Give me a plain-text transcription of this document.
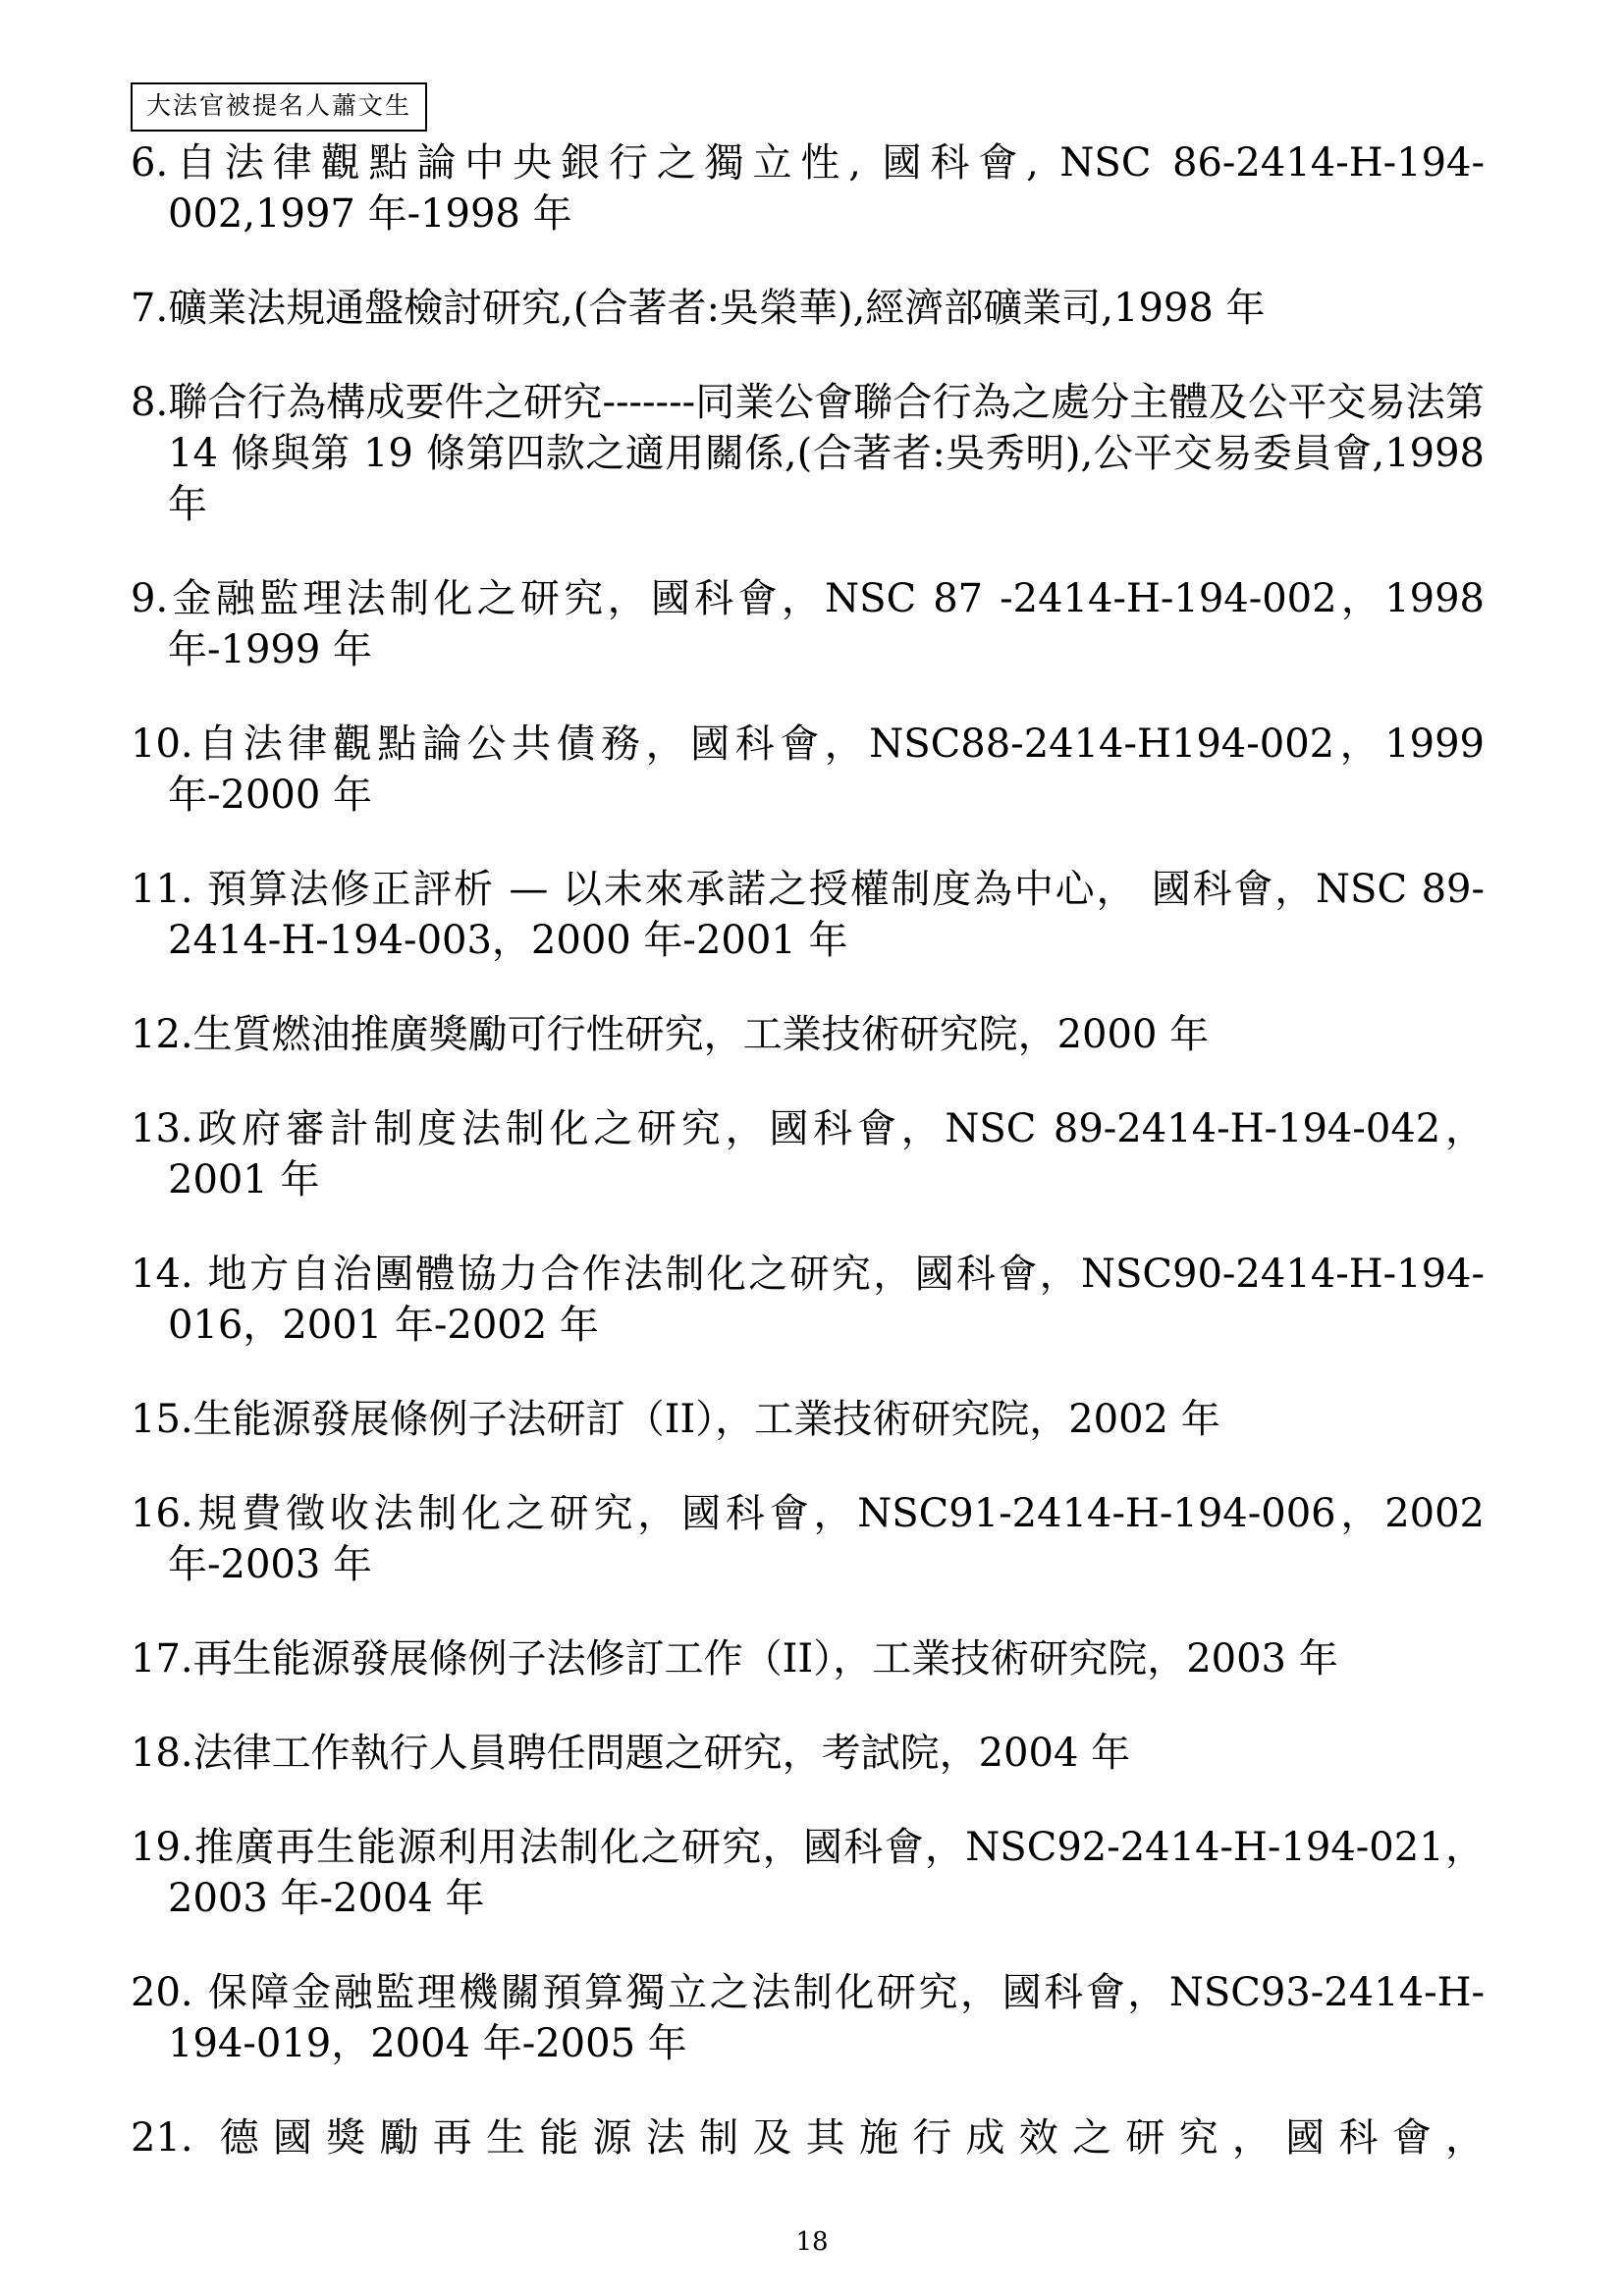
大法官被提名人蕭文生

6.自法律觀點論中央銀行之獨立性, 國科會, NSC 86-2414-H-194-002,1997 年-1998 年

7.礦業法規通盤檢討研究,(合著者:吳榮華),經濟部礦業司,1998 年

8.聯合行為構成要件之研究-------同業公會聯合行為之處分主體及公平交易法第 14 條與第 19 條第四款之適用關係,(合著者:吳秀明),公平交易委員會,1998 年

9.金融監理法制化之研究，國科會，NSC 87 -2414-H-194-002，1998 年-1999 年

10.自法律觀點論公共債務，國科會，NSC88-2414-H194-002，1999 年-2000 年

11. 預算法修正評析 — 以未來承諾之授權制度為中心， 國科會，NSC 89-2414-H-194-003，2000 年-2001 年

12.生質燃油推廣獎勵可行性研究，工業技術研究院，2000 年

13.政府審計制度法制化之研究，國科會，NSC 89-2414-H-194-042，2001 年

14. 地方自治團體協力合作法制化之研究，國科會，NSC90-2414-H-194-016，2001 年-2002 年

15.生能源發展條例子法研訂（II），工業技術研究院，2002 年

16.規費徵收法制化之研究，國科會，NSC91-2414-H-194-006，2002 年-2003 年

17.再生能源發展條例子法修訂工作（II），工業技術研究院，2003 年

18.法律工作執行人員聘任問題之研究，考試院，2004 年

19.推廣再生能源利用法制化之研究，國科會，NSC92-2414-H-194-021，2003 年-2004 年

20. 保障金融監理機關預算獨立之法制化研究，國科會，NSC93-2414-H-194-019，2004 年-2005 年

21. 德國獎勵再生能源法制及其施行成效之研究，國科會，

18
